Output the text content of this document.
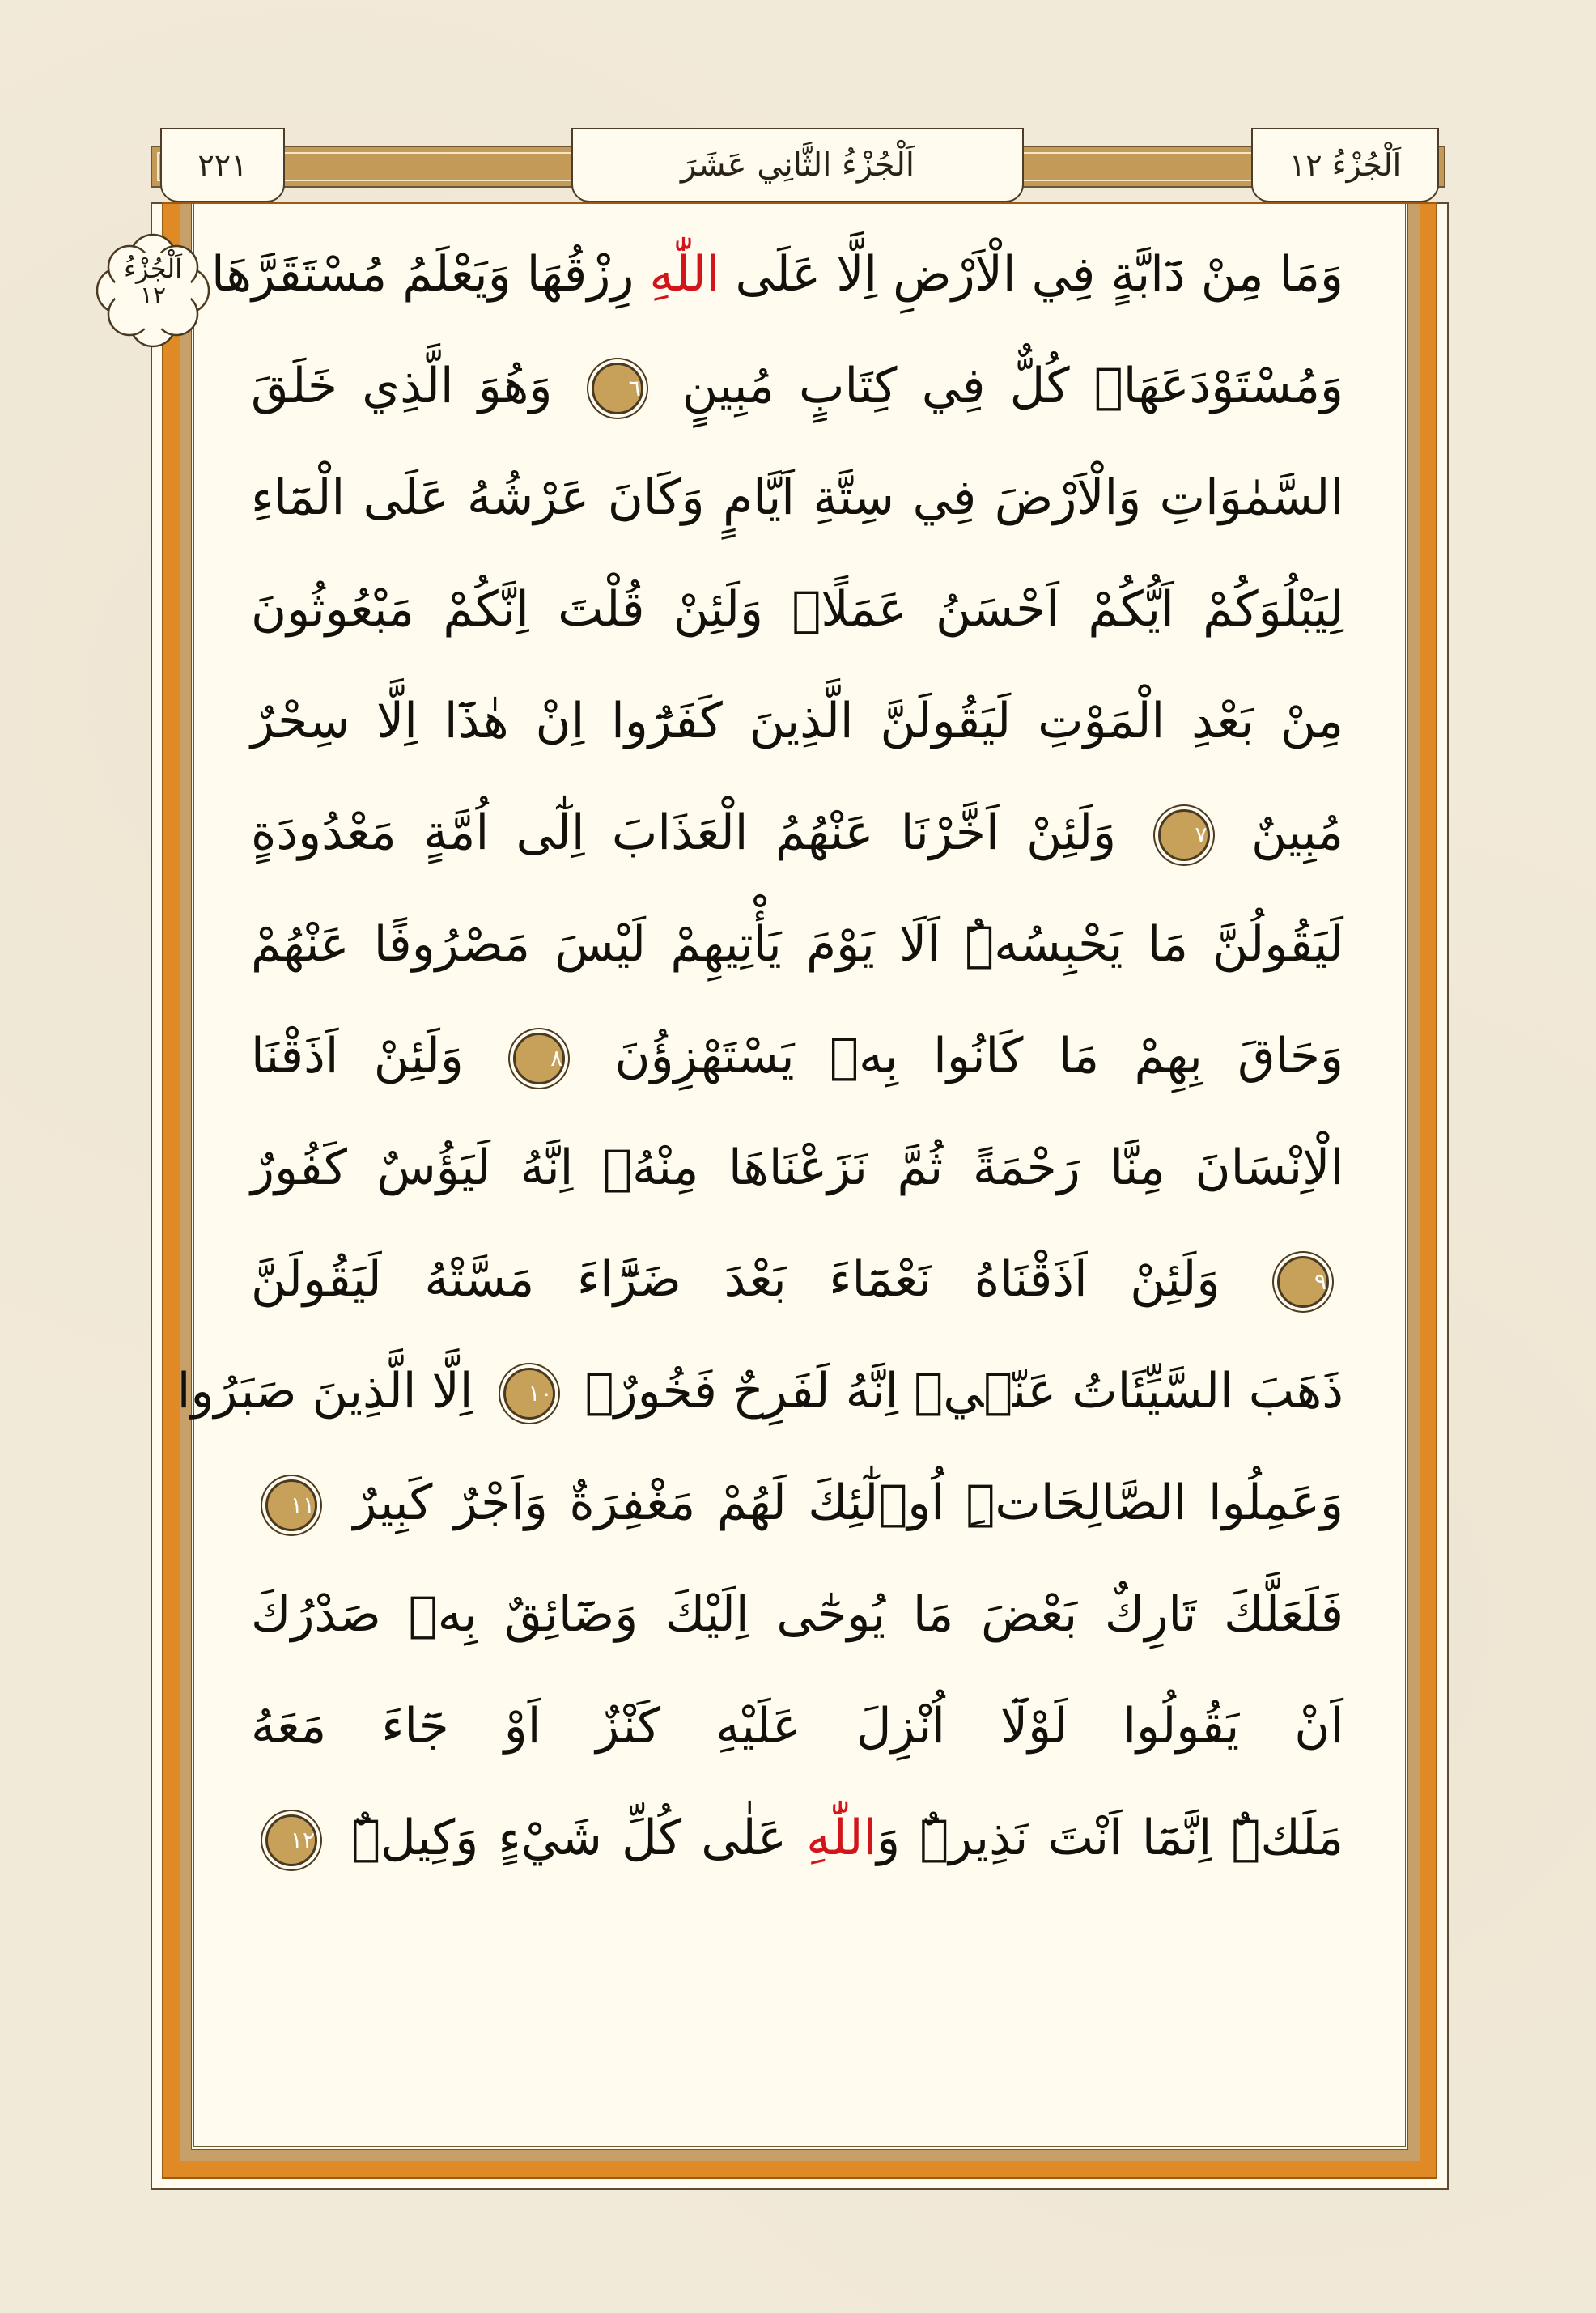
٢٢١	اَلْجُزْءُ الثَّانِي عَشَرَ	اَلْجُزْءُ ١٢
اَلْجُزْءُ
١٢	وَمَا مِنْ دَٓابَّةٍ فِي الْاَرْضِ اِلَّا عَلَى اللّٰهِ رِزْقُهَا وَيَعْلَمُ مُسْتَقَرَّهَا
وَمُسْتَوْدَعَهَاۜ كُلٌّ فِي كِتَابٍ مُبِينٍ ٦ وَهُوَ الَّذِي خَلَقَ
السَّمٰوَاتِ وَالْاَرْضَ فِي سِتَّةِ اَيَّامٍ وَكَانَ عَرْشُهُ عَلَى الْمَٓاءِ
لِيَبْلُوَكُمْ اَيُّكُمْ اَحْسَنُ عَمَلًاۜ وَلَئِنْ قُلْتَ اِنَّكُمْ مَبْعُوثُونَ
مِنْ بَعْدِ الْمَوْتِ لَيَقُولَنَّ الَّذِينَ كَفَرُٓوا اِنْ هٰذَٓا اِلَّا سِحْرٌ
مُبِينٌ ٧ وَلَئِنْ اَخَّرْنَا عَنْهُمُ الْعَذَابَ اِلٰٓى اُمَّةٍ مَعْدُودَةٍ
لَيَقُولُنَّ مَا يَحْبِسُهُۜ اَلَا يَوْمَ يَأْتِيهِمْ لَيْسَ مَصْرُوفًا عَنْهُمْ
وَحَاقَ بِهِمْ مَا كَانُوا بِهٖ يَسْتَهْزِؤُنَ ٨ وَلَئِنْ اَذَقْنَا
الْاِنْسَانَ مِنَّا رَحْمَةً ثُمَّ نَزَعْنَاهَا مِنْهُۚ اِنَّهُ لَيَؤُسٌ كَفُورٌ
٩ وَلَئِنْ اَذَقْنَاهُ نَعْمَٓاءَ بَعْدَ ضَرَّٓاءَ مَسَّتْهُ لَيَقُولَنَّ
ذَهَبَ السَّيِّئَاتُ عَنّ۪يۜ اِنَّهُ لَفَرِحٌ فَخُورٌۙ ١٠ اِلَّا الَّذِينَ صَبَرُوا
وَعَمِلُوا الصَّالِحَاتِۜ اُو۬لٰٓئِكَ لَهُمْ مَغْفِرَةٌ وَاَجْرٌ كَبِيرٌ ١١
فَلَعَلَّكَ تَارِكٌ بَعْضَ مَا يُوحٰٓى اِلَيْكَ وَضَٓائِقٌ بِهٖ صَدْرُكَ
اَنْ يَقُولُوا لَوْلَٓا اُنْزِلَ عَلَيْهِ كَنْزٌ اَوْ جَٓاءَ مَعَهُ
مَلَكٌۜ اِنَّمَٓا اَنْتَ نَذِيرٌۜ وَاللّٰهِ عَلٰى كُلِّ شَيْءٍ وَكِيلٌۜ ١٢
